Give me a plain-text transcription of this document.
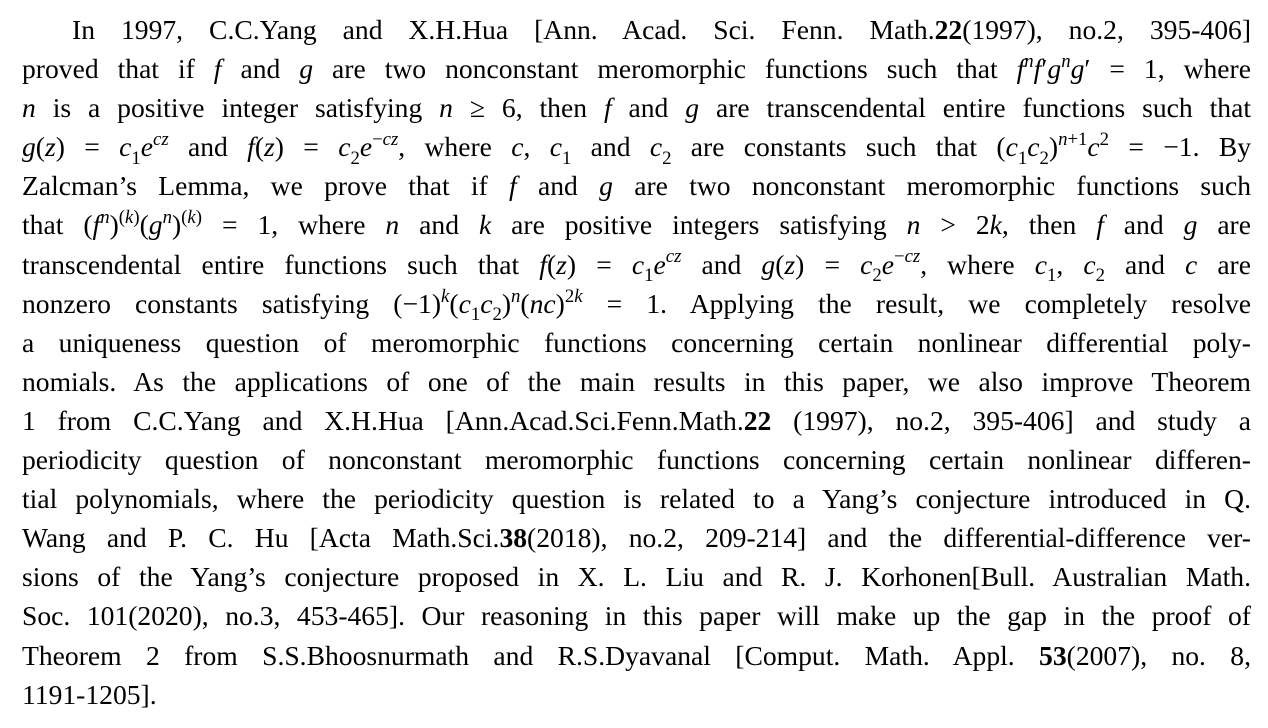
In 1997, C.C.Yang and X.H.Hua [Ann. Acad. Sci. Fenn. Math.22(1997), no.2, 395-406]
proved that if f and g are two nonconstant meromorphic functions such that $f^nf'g^ng' = 1$, where
n is a positive integer satisfying n ≥ 6, then f and g are transcendental entire functions such that
$g(z) = c_1e^{cz}$ and $f(z) = c_2e^{-cz}$, where c, $c_1$ and $c_2$ are constants such that $(c_1c_2)^{n+1}c^2 = -1$. By
Zalcman’s Lemma, we prove that if f and g are two nonconstant meromorphic functions such
that $(f^n)^{(k)}(g^n)^{(k)} = 1$, where n and k are positive integers satisfying n > 2k, then f and g are
transcendental entire functions such that $f(z) = c_1e^{cz}$ and $g(z) = c_2e^{-cz}$, where $c_1$, $c_2$ and c are
nonzero constants satisfying $(-1)^k(c_1c_2)^n(nc)^{2k} = 1$. Applying the result, we completely resolve
a uniqueness question of meromorphic functions concerning certain nonlinear differential poly-
nomials. As the applications of one of the main results in this paper, we also improve Theorem
1 from C.C.Yang and X.H.Hua [Ann.Acad.Sci.Fenn.Math.22 (1997), no.2, 395-406] and study a
periodicity question of nonconstant meromorphic functions concerning certain nonlinear differen-
tial polynomials, where the periodicity question is related to a Yang’s conjecture introduced in Q.
Wang and P. C. Hu [Acta Math.Sci.38(2018), no.2, 209-214] and the differential-difference ver-
sions of the Yang’s conjecture proposed in X. L. Liu and R. J. Korhonen[Bull. Australian Math.
Soc. 101(2020), no.3, 453-465]. Our reasoning in this paper will make up the gap in the proof of
Theorem 2 from S.S.Bhoosnurmath and R.S.Dyavanal [Comput. Math. Appl. 53(2007), no. 8,
1191-1205].
